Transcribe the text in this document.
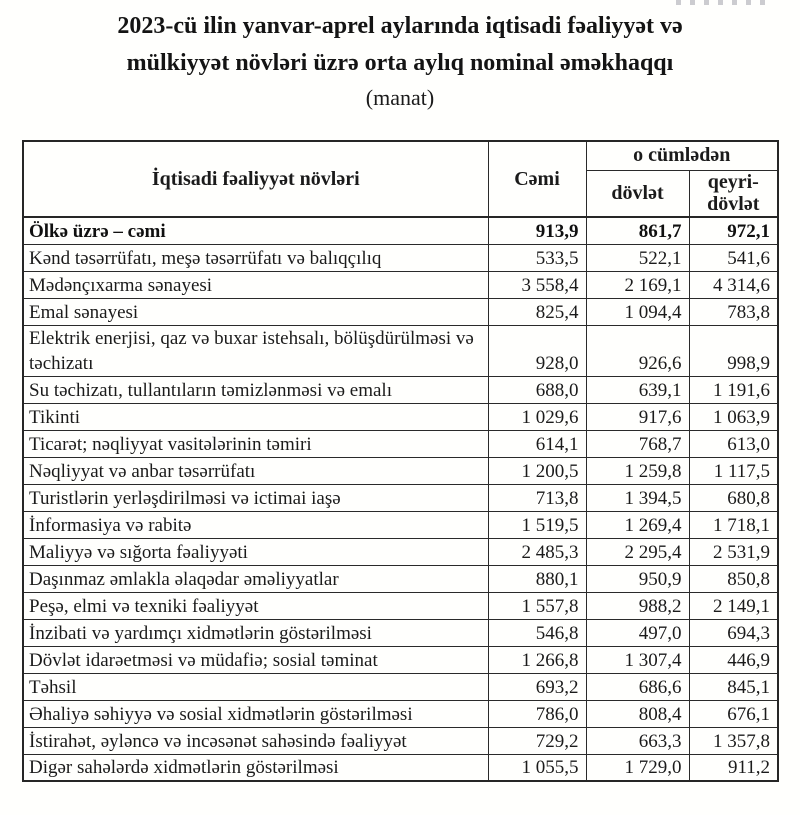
2023-cü ilin yanvar-aprel aylarında iqtisadi fəaliyyət və
mülkiyyət növləri üzrə orta aylıq nominal əməkhaqqı
(manat)
İqtisadi fəaliyyət növləri	Cəmi	o cümlədən	
		dövlət	qeyri-dövlət
Ölkə üzrə – cəmi	913,9	861,7	972,1
Kənd təsərrüfatı, meşə təsərrüfatı və balıqçılıq	533,5	522,1	541,6
Mədənçıxarma sənayesi	3 558,4	2 169,1	4 314,6
Emal sənayesi	825,4	1 094,4	783,8
Elektrik enerjisi, qaz və buxar istehsalı, bölüşdürülməsi və təchizatı	928,0	926,6	998,9
Su təchizatı, tullantıların təmizlənməsi və emalı	688,0	639,1	1 191,6
Tikinti	1 029,6	917,6	1 063,9
Ticarət; nəqliyyat vasitələrinin təmiri	614,1	768,7	613,0
Nəqliyyat və anbar təsərrüfatı	1 200,5	1 259,8	1 117,5
Turistlərin yerləşdirilməsi və ictimai iaşə	713,8	1 394,5	680,8
İnformasiya və rabitə	1 519,5	1 269,4	1 718,1
Maliyyə və sığorta fəaliyyəti	2 485,3	2 295,4	2 531,9
Daşınmaz əmlakla əlaqədar əməliyyatlar	880,1	950,9	850,8
Peşə, elmi və texniki fəaliyyət	1 557,8	988,2	2 149,1
İnzibati və yardımçı xidmətlərin göstərilməsi	546,8	497,0	694,3
Dövlət idarəetməsi və müdafiə; sosial təminat	1 266,8	1 307,4	446,9
Təhsil	693,2	686,6	845,1
Əhaliyə səhiyyə və sosial xidmətlərin göstərilməsi	786,0	808,4	676,1
İstirahət, əyləncə və incəsənət sahəsində fəaliyyət	729,2	663,3	1 357,8
Digər sahələrdə xidmətlərin göstərilməsi	1 055,5	1 729,0	911,2
